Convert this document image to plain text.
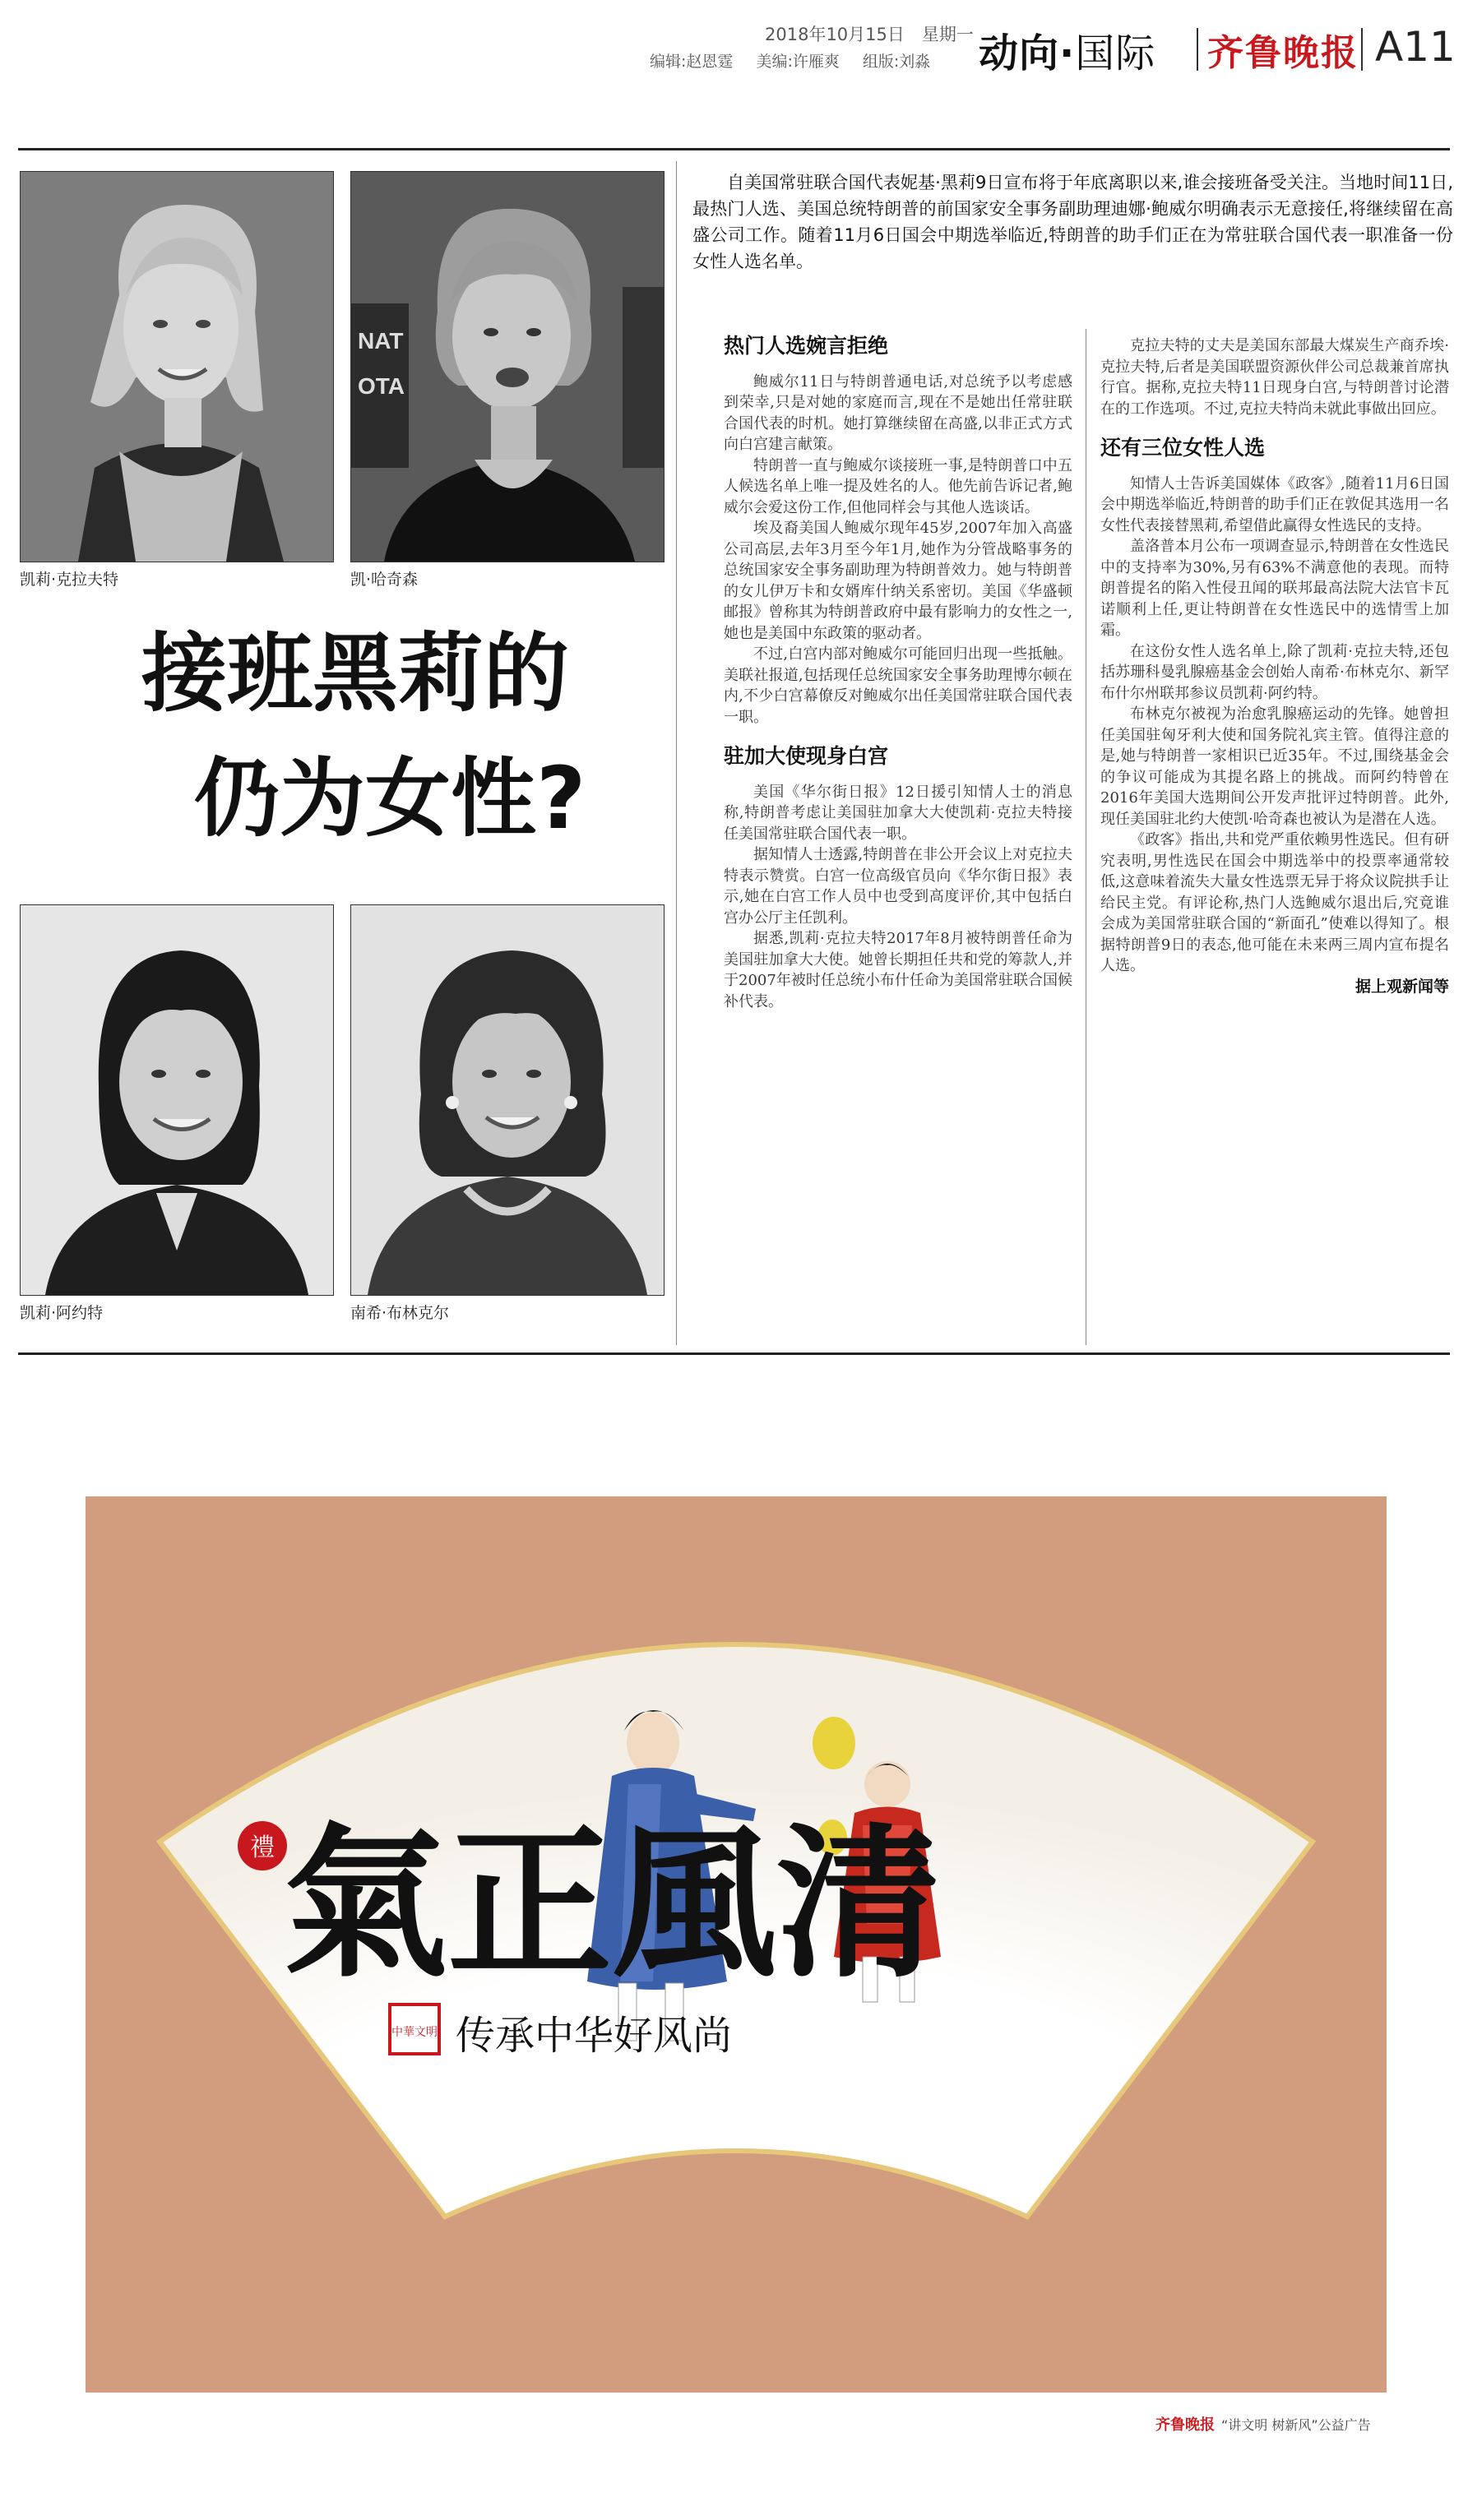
2018年10月15日　星期一
编辑:赵恩霆 美编:许雁爽 组版:刘淼 动向·国际 齐鲁晚报 A11
凯莉·克拉夫特
NAT
OTA
凯·哈奇森
接班黑莉的
仍为女性?
凯莉·阿约特	南希·布林克尔
自美国常驻联合国代表妮基·黑莉9日宣布将于年底离职以来,谁会接班备受关注。当地时间11日,最热门人选、美国总统特朗普的前国家安全事务副助理迪娜·鲍威尔明确表示无意接任,将继续留在高盛公司工作。随着11月6日国会中期选举临近,特朗普的助手们正在为常驻联合国代表一职准备一份女性人选名单。
热门人选婉言拒绝

鲍威尔11日与特朗普通电话,对总统予以考虑感到荣幸,只是对她的家庭而言,现在不是她出任常驻联合国代表的时机。她打算继续留在高盛,以非正式方式向白宫建言献策。

特朗普一直与鲍威尔谈接班一事,是特朗普口中五人候选名单上唯一提及姓名的人。他先前告诉记者,鲍威尔会爱这份工作,但他同样会与其他人选谈话。

埃及裔美国人鲍威尔现年45岁,2007年加入高盛公司高层,去年3月至今年1月,她作为分管战略事务的总统国家安全事务副助理为特朗普效力。她与特朗普的女儿伊万卡和女婿库什纳关系密切。美国《华盛顿邮报》曾称其为特朗普政府中最有影响力的女性之一,她也是美国中东政策的驱动者。

不过,白宫内部对鲍威尔可能回归出现一些抵触。美联社报道,包括现任总统国家安全事务助理博尔顿在内,不少白宫幕僚反对鲍威尔出任美国常驻联合国代表一职。

驻加大使现身白宫

美国《华尔街日报》12日援引知情人士的消息称,特朗普考虑让美国驻加拿大大使凯莉·克拉夫特接任美国常驻联合国代表一职。

据知情人士透露,特朗普在非公开会议上对克拉夫特表示赞赏。白宫一位高级官员向《华尔街日报》表示,她在白宫工作人员中也受到高度评价,其中包括白宫办公厅主任凯利。

据悉,凯莉·克拉夫特2017年8月被特朗普任命为美国驻加拿大大使。她曾长期担任共和党的筹款人,并于2007年被时任总统小布什任命为美国常驻联合国候补代表。

克拉夫特的丈夫是美国东部最大煤炭生产商乔埃·克拉夫特,后者是美国联盟资源伙伴公司总裁兼首席执行官。据称,克拉夫特11日现身白宫,与特朗普讨论潜在的工作选项。不过,克拉夫特尚未就此事做出回应。

还有三位女性人选

知情人士告诉美国媒体《政客》,随着11月6日国会中期选举临近,特朗普的助手们正在敦促其选用一名女性代表接替黑莉,希望借此赢得女性选民的支持。

盖洛普本月公布一项调查显示,特朗普在女性选民中的支持率为30%,另有63%不满意他的表现。而特朗普提名的陷入性侵丑闻的联邦最高法院大法官卡瓦诺顺利上任,更让特朗普在女性选民中的选情雪上加霜。

在这份女性人选名单上,除了凯莉·克拉夫特,还包括苏珊科曼乳腺癌基金会创始人南希·布林克尔、新罕布什尔州联邦参议员凯莉·阿约特。

布林克尔被视为治愈乳腺癌运动的先锋。她曾担任美国驻匈牙利大使和国务院礼宾主管。值得注意的是,她与特朗普一家相识已近35年。不过,围绕基金会的争议可能成为其提名路上的挑战。而阿约特曾在2016年美国大选期间公开发声批评过特朗普。此外,现任美国驻北约大使凯·哈奇森也被认为是潜在人选。

《政客》指出,共和党严重依赖男性选民。但有研究表明,男性选民在国会中期选举中的投票率通常较低,这意味着流失大量女性选票无异于将众议院拱手让给民主党。有评论称,热门人选鲍威尔退出后,究竟谁会成为美国常驻联合国的“新面孔”使难以得知了。根据特朗普9日的表态,他可能在未来两三周内宣布提名人选。

据上观新闻等
禮 氣正風清
中華文明 传承中华好风尚
齐鲁晚报 “讲文明 树新风”公益广告
